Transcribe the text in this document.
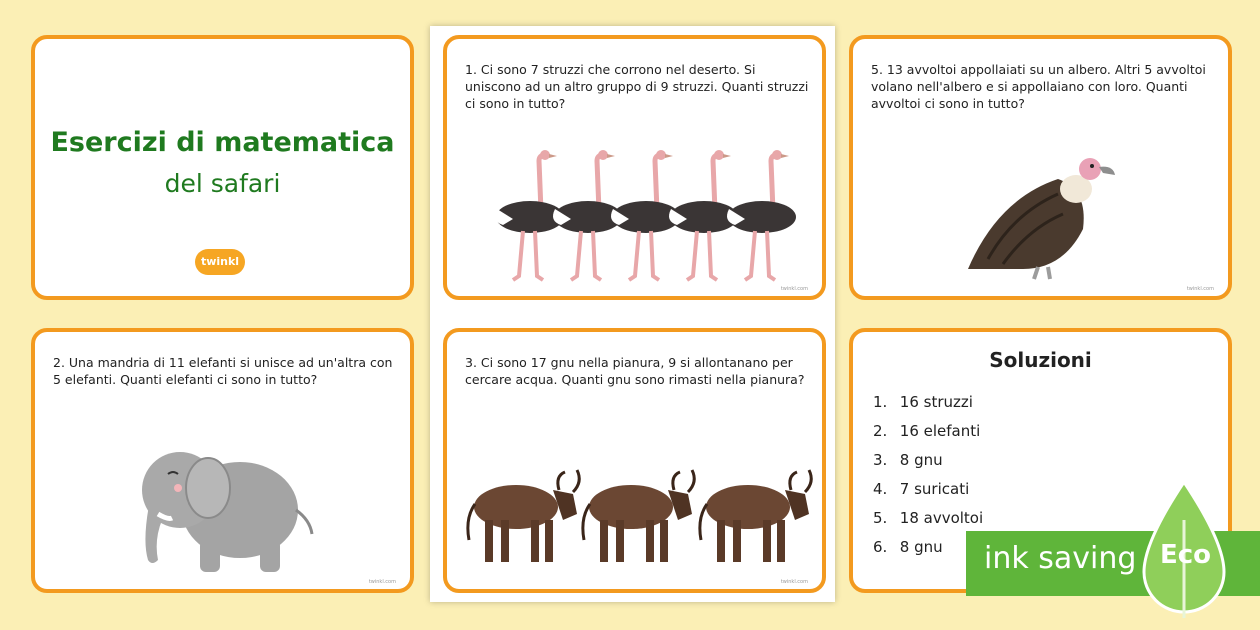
Esercizi di matematica
del safari
twinkl
1. Ci sono 7 struzzi che corrono nel deserto. Si uniscono ad un altro gruppo di 9 struzzi. Quanti struzzi ci sono in tutto?
twinkl.com
5. 13 avvoltoi appollaiati su un albero. Altri 5 avvoltoi volano nell'albero e si appollaiano con loro. Quanti avvoltoi ci sono in tutto?
twinkl.com
2. Una mandria di 11 elefanti si unisce ad un'altra con 5 elefanti. Quanti elefanti ci sono in tutto?
twinkl.com
3. Ci sono 17 gnu nella pianura, 9 si allontanano per cercare acqua. Quanti gnu sono rimasti nella pianura?
twinkl.com
Soluzioni
1. 16 struzzi
2. 16 elefanti
3. 8 gnu
4. 7 suricati
5. 18 avvoltoi
6. 8 gnu	ink saving Eco
